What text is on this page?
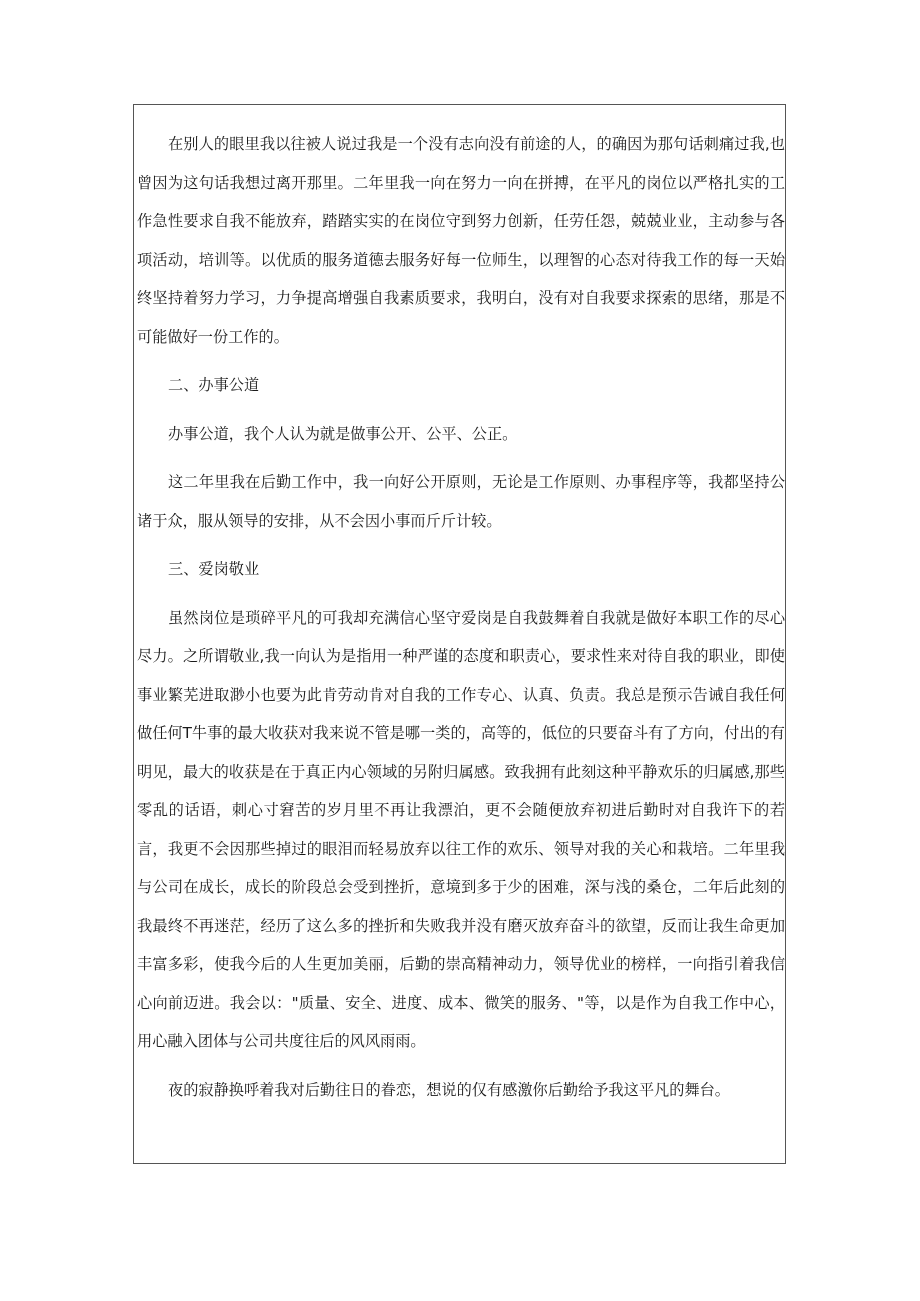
在别人的眼里我以往被人说过我是一个没有志向没有前途的人，的确因为那句话刺痛过我,也曾因为这句话我想过离开那里。二年里我一向在努力一向在拼搏，在平凡的岗位以严格扎实的工作急性要求自我不能放弃，踏踏实实的在岗位守到努力创新，任劳任怨，兢兢业业，主动参与各项活动，培训等。以优质的服务道德去服务好每一位师生，以理智的心态对待我工作的每一天始终坚持着努力学习，力争提高增强自我素质要求，我明白，没有对自我要求探索的思绪，那是不可能做好一份工作的。

二、办事公道

办事公道，我个人认为就是做事公开、公平、公正。

这二年里我在后勤工作中，我一向好公开原则，无论是工作原则、办事程序等，我都坚持公诸于众，服从领导的安排，从不会因小事而斤斤计较。

三、爱岗敬业

虽然岗位是琐碎平凡的可我却充满信心坚守爱岗是自我鼓舞着自我就是做好本职工作的尽心尽力。之所谓敬业,我一向认为是指用一种严谨的态度和职责心，要求性来对待自我的职业，即使事业繁芜进取渺小也要为此肯劳动肯对自我的工作专心、认真、负责。我总是预示告诫自我任何做任何T牛事的最大收获对我来说不管是哪一类的，高等的，低位的只要奋斗有了方向，付出的有明见，最大的收获是在于真正内心领域的另附归属感。致我拥有此刻这种平静欢乐的归属感,那些零乱的话语，刺心寸窘苦的岁月里不再让我漂泊，更不会随便放弃初进后勤时对自我许下的若言，我更不会因那些掉过的眼泪而轻易放弃以往工作的欢乐、领导对我的关心和栽培。二年里我与公司在成长，成长的阶段总会受到挫折，意境到多于少的困难，深与浅的桑仓，二年后此刻的我最终不再迷茫，经历了这么多的挫折和失败我并没有磨灭放弃奋斗的欲望，反而让我生命更加丰富多彩，使我今后的人生更加美丽，后勤的崇高精神动力，领导优业的榜样，一向指引着我信心向前迈进。我会以："质量、安全、进度、成本、微笑的服务、"等，以是作为自我工作中心，用心融入团体与公司共度往后的风风雨雨。

夜的寂静换呼着我对后勤往日的眷恋，想说的仅有感激你后勤给予我这平凡的舞台。
